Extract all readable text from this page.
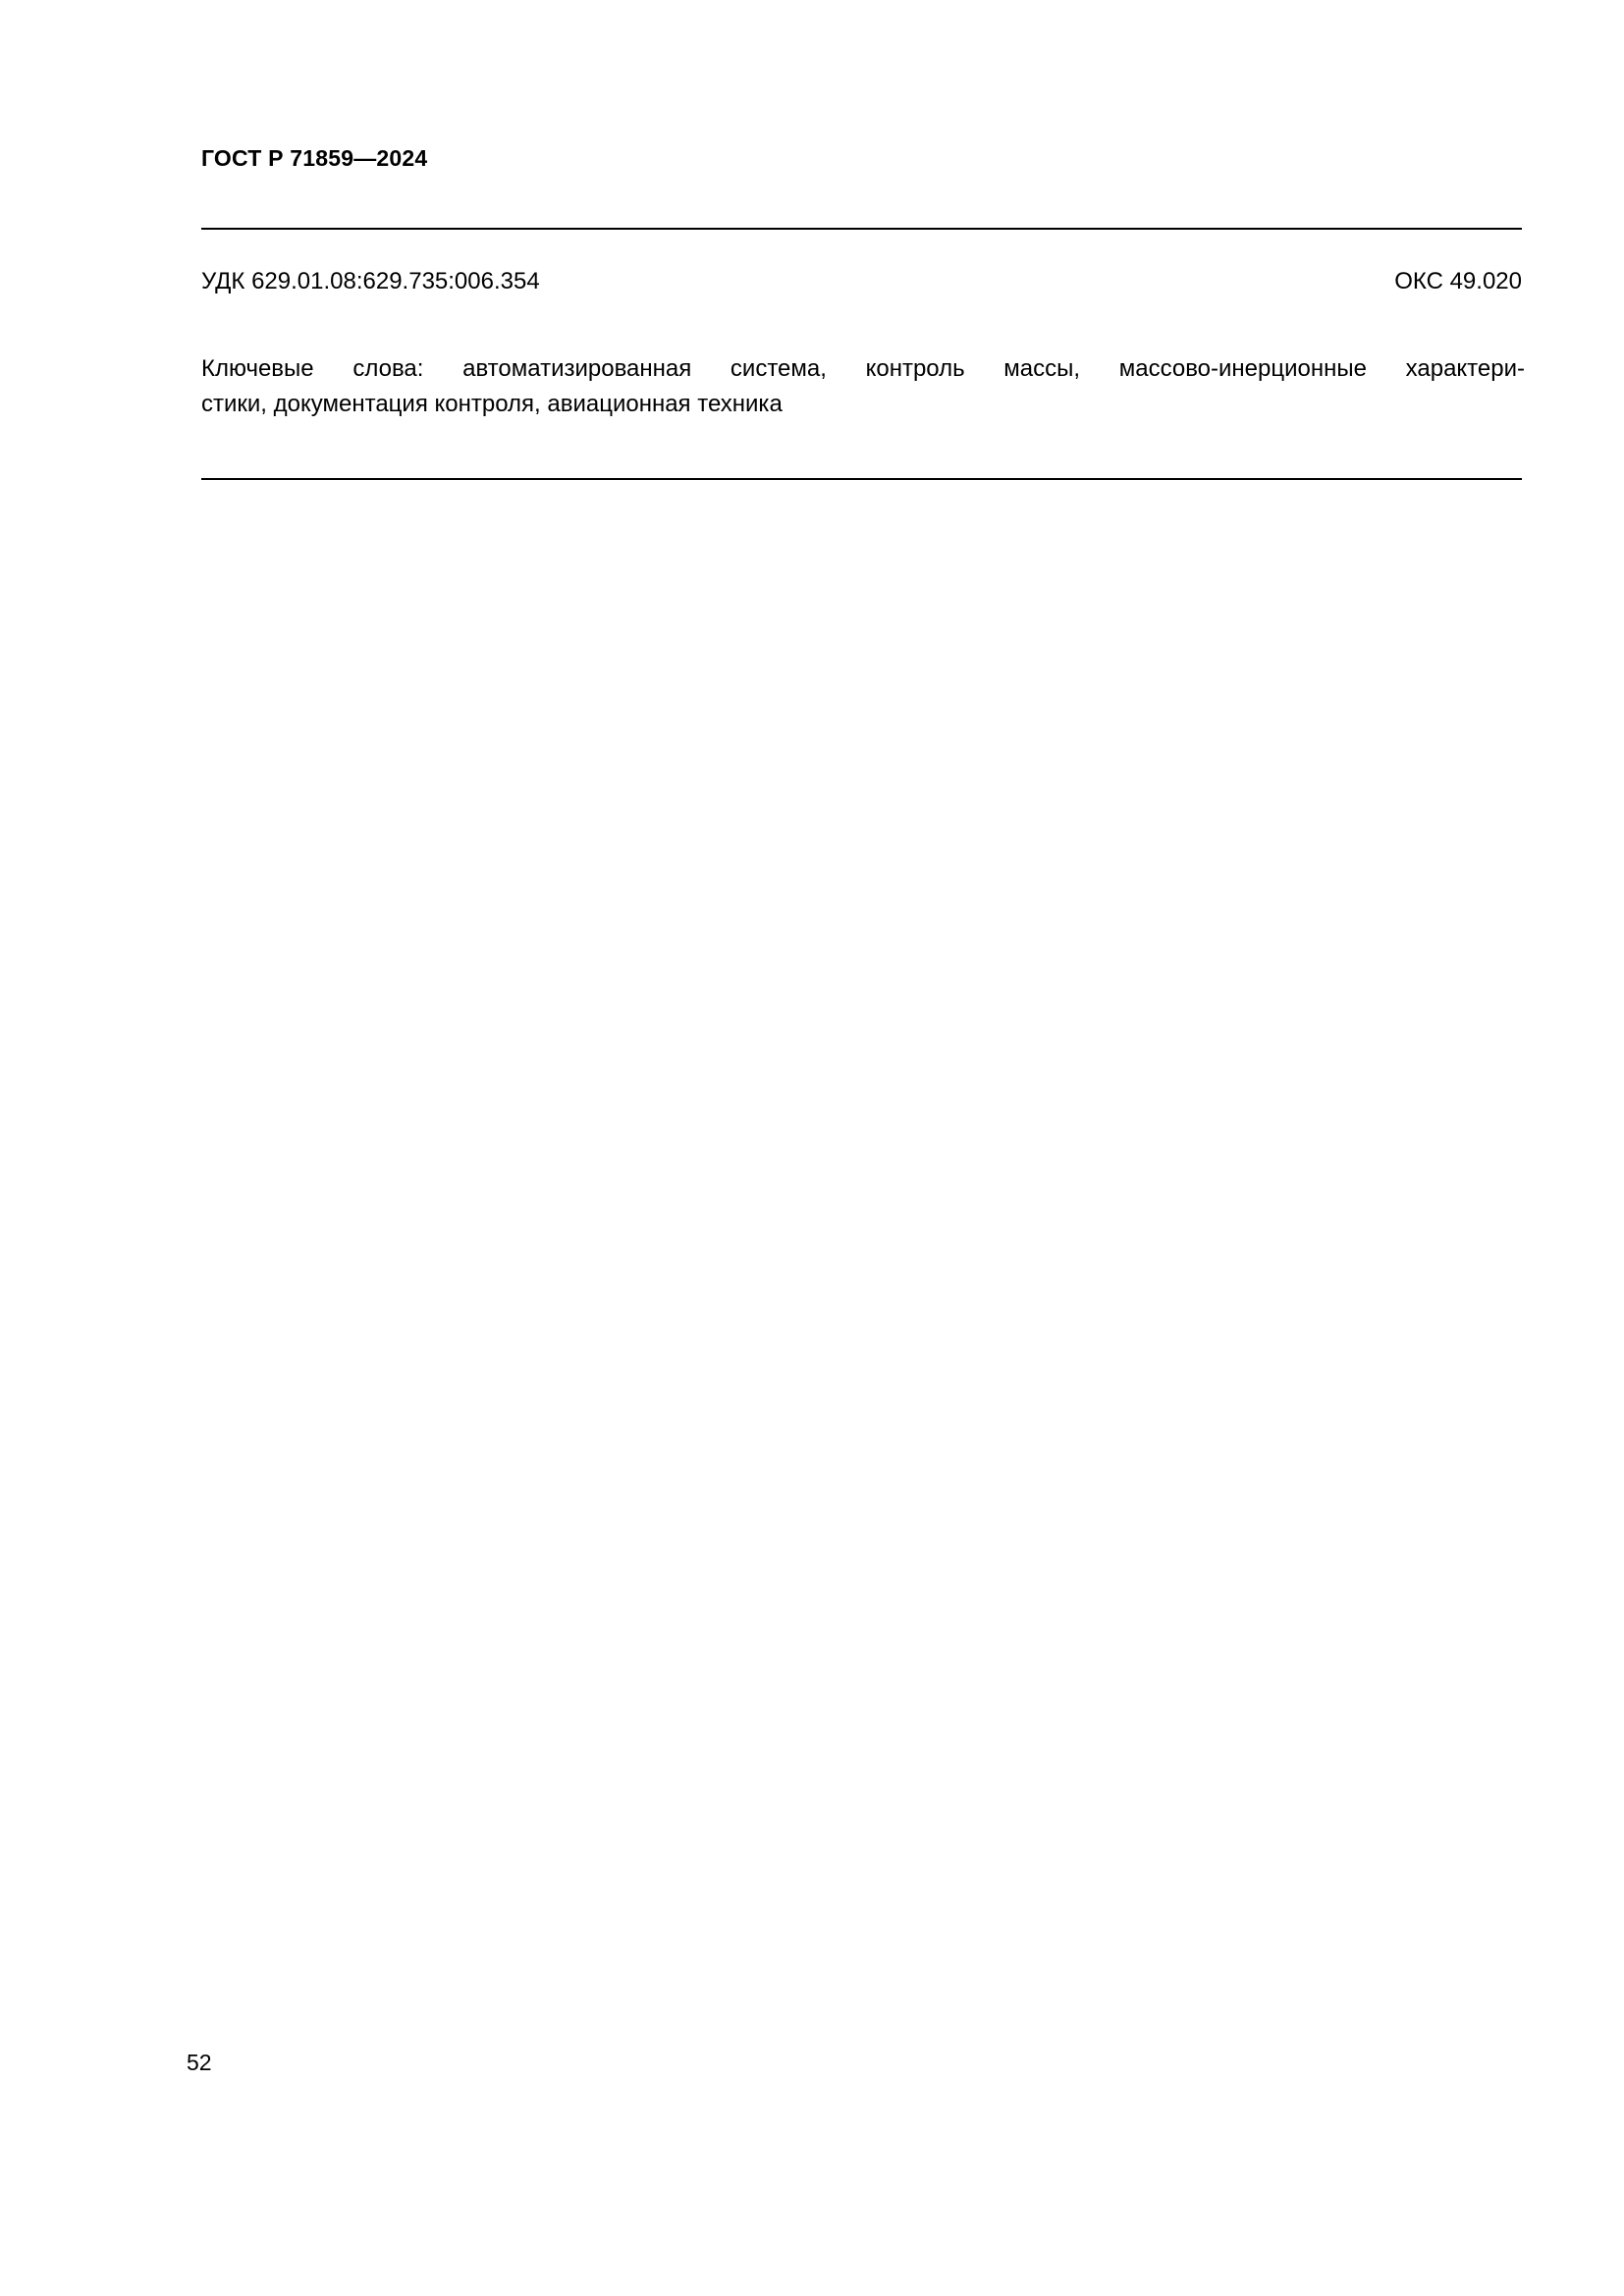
ГОСТ Р 71859—2024
УДК 629.01.08:629.735:006.354	ОКС 49.020
Ключевые слова: автоматизированная система, контроль массы, массово-инерционные характери-
стики, документация контроля, авиационная техника
52
